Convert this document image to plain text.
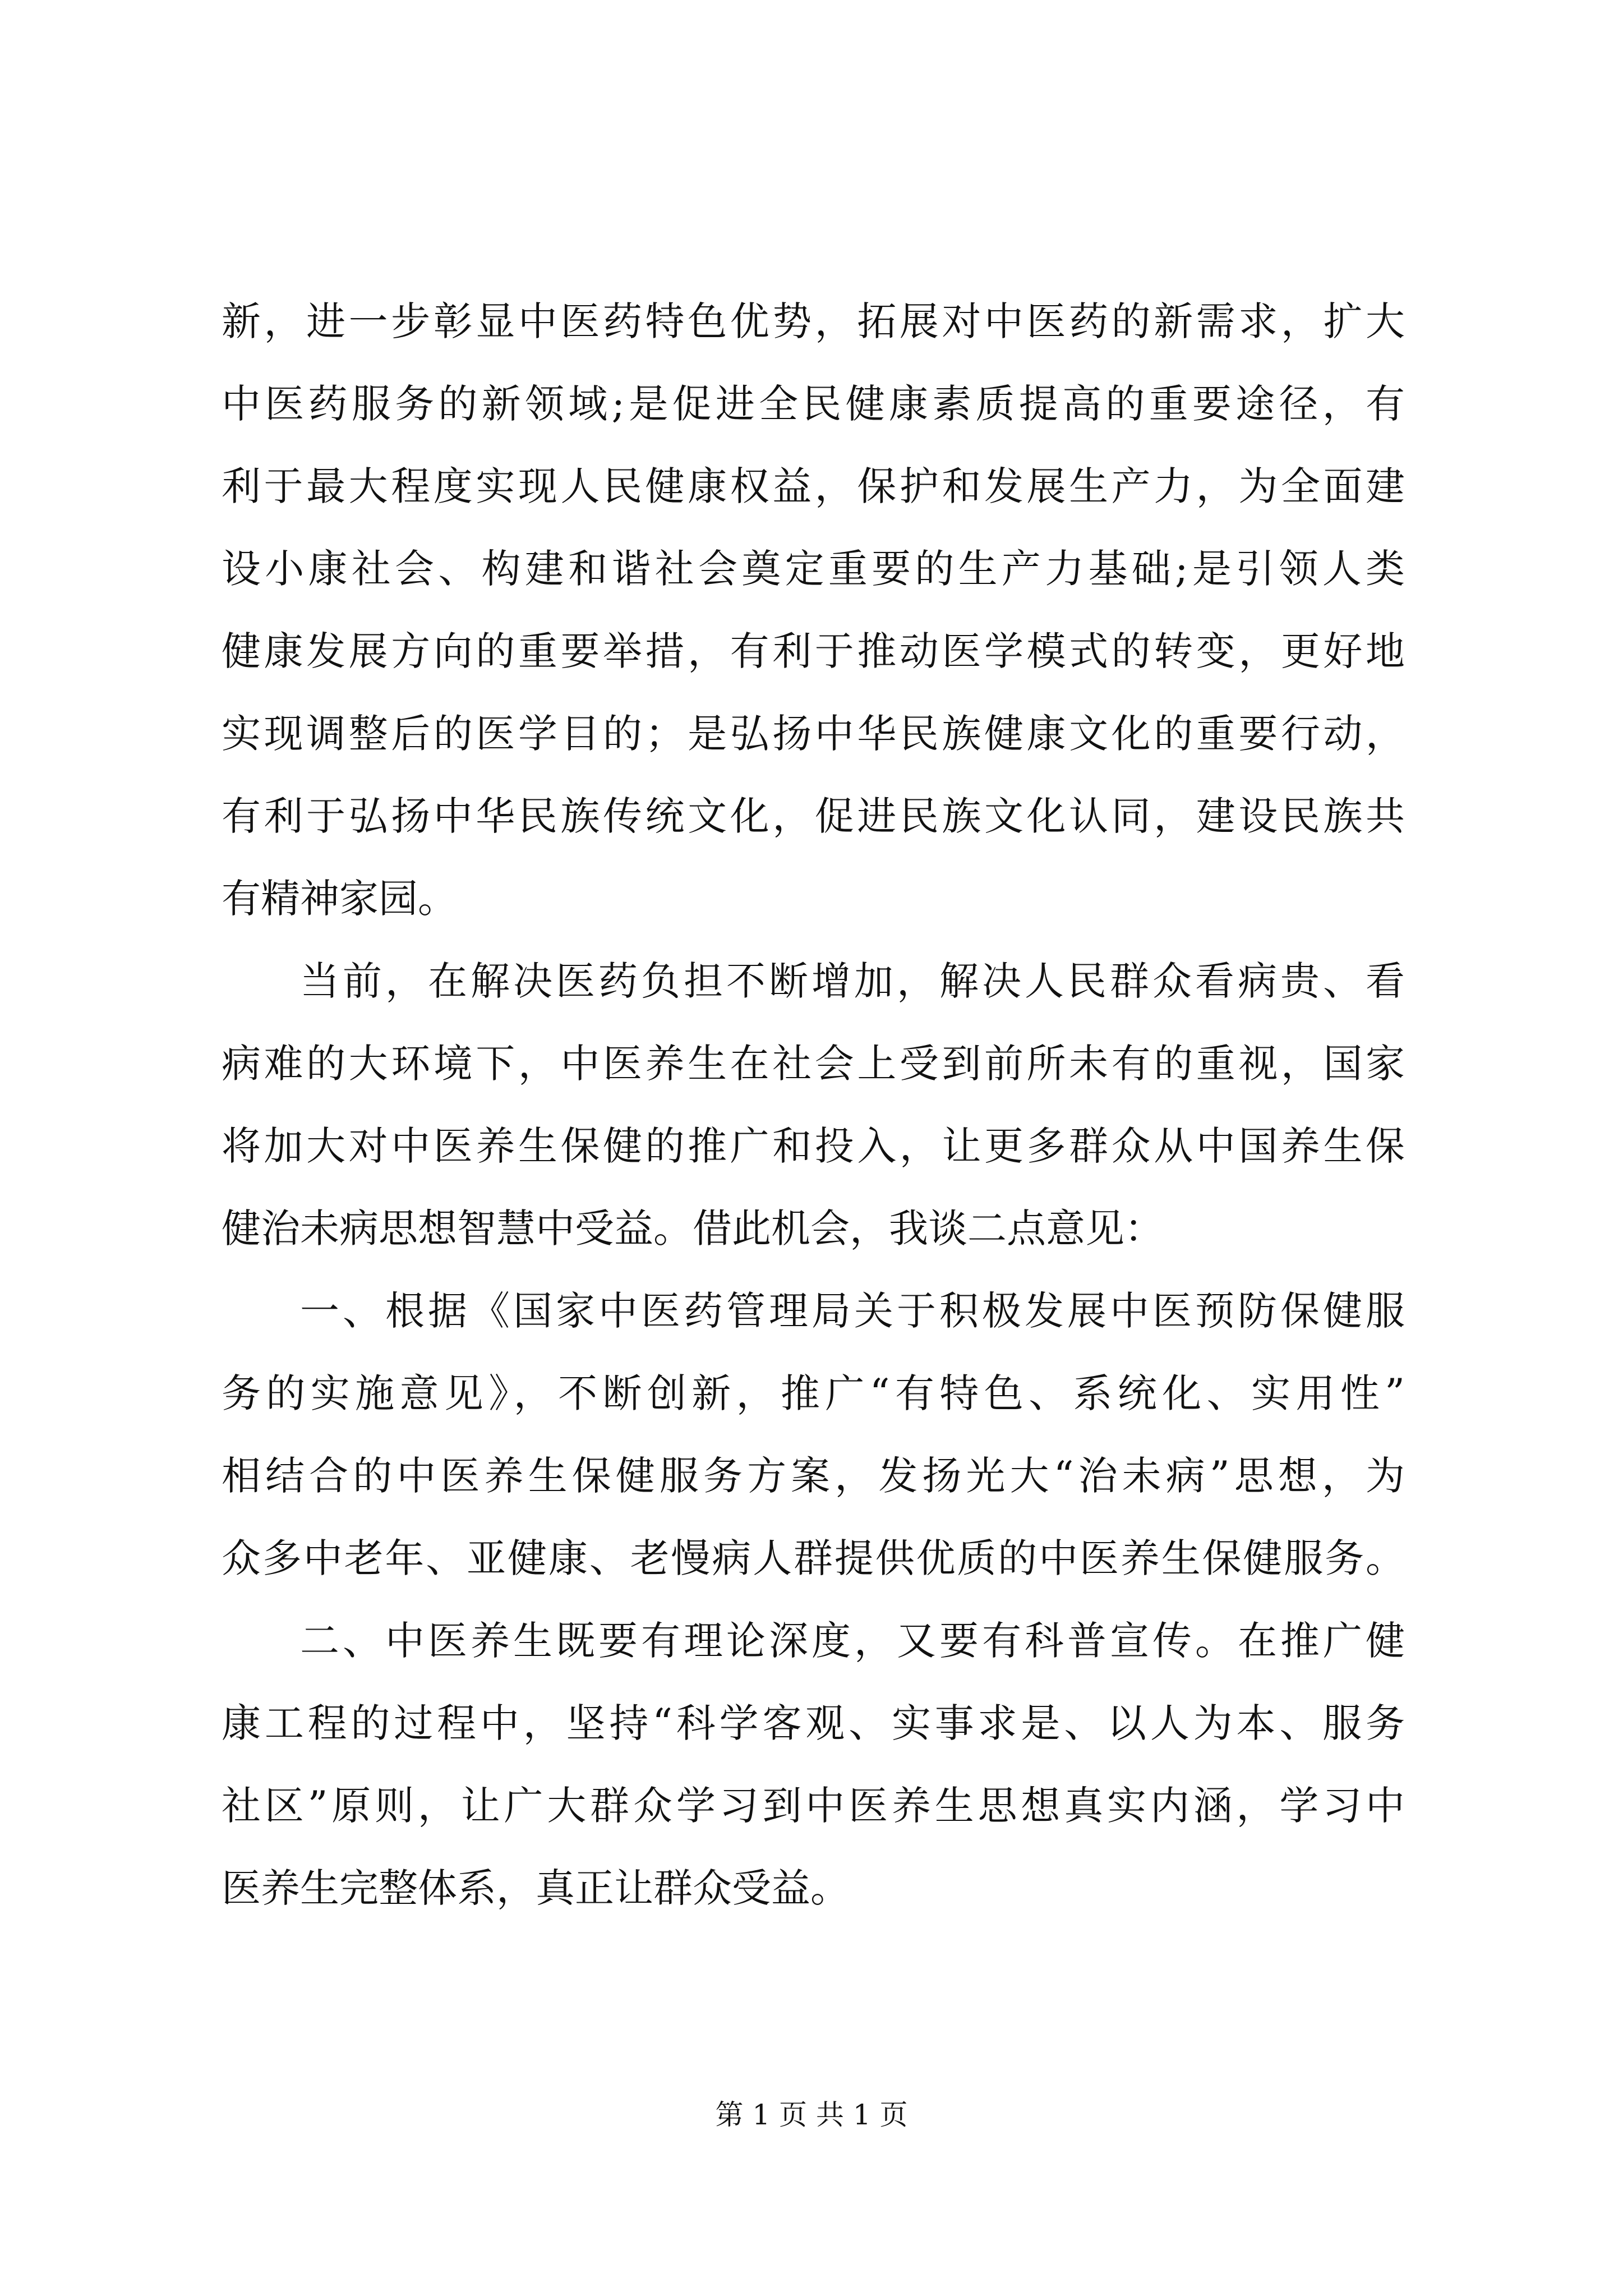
新，进一步彰显中医药特色优势，拓展对中医药的新需求，扩大
中医药服务的新领域;是促进全民健康素质提高的重要途径，有
利于最大程度实现人民健康权益，保护和发展生产力，为全面建
设小康社会、构建和谐社会奠定重要的生产力基础;是引领人类
健康发展方向的重要举措，有利于推动医学模式的转变，更好地
实现调整后的医学目的；是弘扬中华民族健康文化的重要行动，
有利于弘扬中华民族传统文化，促进民族文化认同，建设民族共
有精神家园。
当前，在解决医药负担不断增加，解决人民群众看病贵、看
病难的大环境下，中医养生在社会上受到前所未有的重视，国家
将加大对中医养生保健的推广和投入，让更多群众从中国养生保
健治未病思想智慧中受益。借此机会，我谈二点意见：
一、根据《国家中医药管理局关于积极发展中医预防保健服
务的实施意见》，不断创新，推广“有特色、系统化、实用性”
相结合的中医养生保健服务方案，发扬光大“治未病”思想，为
众多中老年、亚健康、老慢病人群提供优质的中医养生保健服务。
二、中医养生既要有理论深度，又要有科普宣传。在推广健
康工程的过程中，坚持“科学客观、实事求是、以人为本、服务
社区”原则，让广大群众学习到中医养生思想真实内涵，学习中
医养生完整体系，真正让群众受益。
第 1 页 共 1 页
